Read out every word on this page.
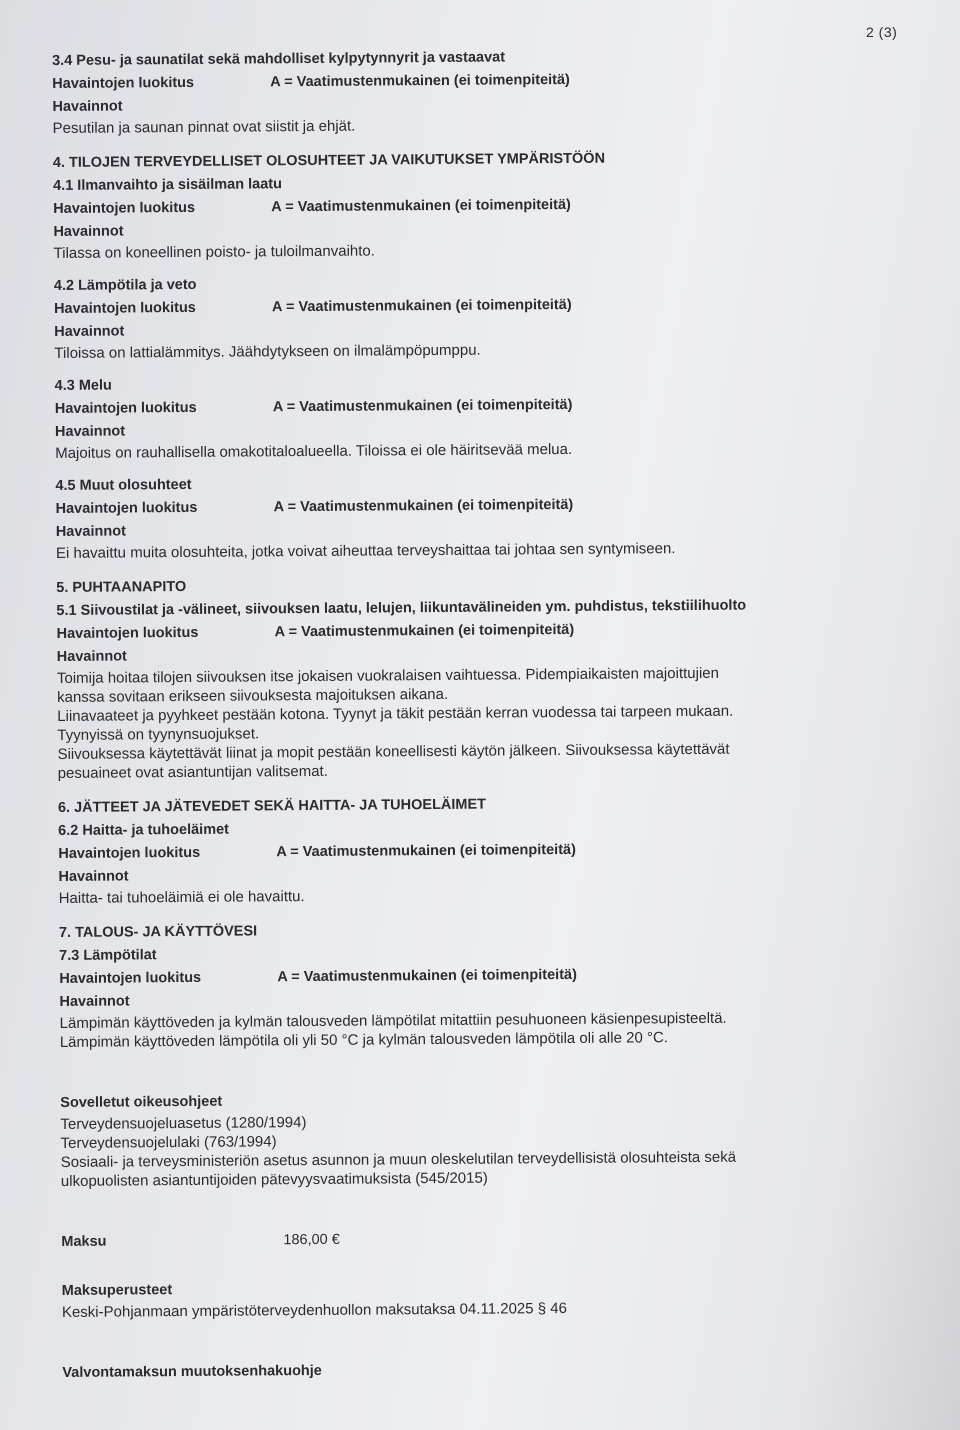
2 (3)
3.4 Pesu- ja saunatilat sekä mahdolliset kylpytynnyrit ja vastaavat
Havaintojen luokitus	A = Vaatimustenmukainen (ei toimenpiteitä)
Havainnot
Pesutilan ja saunan pinnat ovat siistit ja ehjät.
4. TILOJEN TERVEYDELLISET OLOSUHTEET JA VAIKUTUKSET YMPÄRISTÖÖN
4.1 Ilmanvaihto ja sisäilman laatu
Havaintojen luokitus	A = Vaatimustenmukainen (ei toimenpiteitä)
Havainnot
Tilassa on koneellinen poisto- ja tuloilmanvaihto.
4.2 Lämpötila ja veto
Havaintojen luokitus	A = Vaatimustenmukainen (ei toimenpiteitä)
Havainnot
Tiloissa on lattialämmitys. Jäähdytykseen on ilmalämpöpumppu.
4.3 Melu
Havaintojen luokitus	A = Vaatimustenmukainen (ei toimenpiteitä)
Havainnot
Majoitus on rauhallisella omakotitaloalueella. Tiloissa ei ole häiritsevää melua.
4.5 Muut olosuhteet
Havaintojen luokitus	A = Vaatimustenmukainen (ei toimenpiteitä)
Havainnot
Ei havaittu muita olosuhteita, jotka voivat aiheuttaa terveyshaittaa tai johtaa sen syntymiseen.
5. PUHTAANAPITO
5.1 Siivoustilat ja -välineet, siivouksen laatu, lelujen, liikuntavälineiden ym. puhdistus, tekstiilihuolto
Havaintojen luokitus	A = Vaatimustenmukainen (ei toimenpiteitä)
Havainnot
Toimija hoitaa tilojen siivouksen itse jokaisen vuokralaisen vaihtuessa. Pidempiaikaisten majoittujien
kanssa sovitaan erikseen siivouksesta majoituksen aikana.
Liinavaateet ja pyyhkeet pestään kotona. Tyynyt ja täkit pestään kerran vuodessa tai tarpeen mukaan.
Tyynyissä on tyynynsuojukset.
Siivouksessa käytettävät liinat ja mopit pestään koneellisesti käytön jälkeen. Siivouksessa käytettävät
pesuaineet ovat asiantuntijan valitsemat.
6. JÄTTEET JA JÄTEVEDET SEKÄ HAITTA- JA TUHOELÄIMET
6.2 Haitta- ja tuhoeläimet
Havaintojen luokitus	A = Vaatimustenmukainen (ei toimenpiteitä)
Havainnot
Haitta- tai tuhoeläimiä ei ole havaittu.
7. TALOUS- JA KÄYTTÖVESI
7.3 Lämpötilat
Havaintojen luokitus	A = Vaatimustenmukainen (ei toimenpiteitä)
Havainnot
Lämpimän käyttöveden ja kylmän talousveden lämpötilat mitattiin pesuhuoneen käsienpesupisteeltä.
Lämpimän käyttöveden lämpötila oli yli 50 °C ja kylmän talousveden lämpötila oli alle 20 °C.
Sovelletut oikeusohjeet
Terveydensuojeluasetus (1280/1994)
Terveydensuojelulaki (763/1994)
Sosiaali- ja terveysministeriön asetus asunnon ja muun oleskelutilan terveydellisistä olosuhteista sekä
ulkopuolisten asiantuntijoiden pätevyysvaatimuksista (545/2015)
Maksu	186,00 €
Maksuperusteet
Keski-Pohjanmaan ympäristöterveydenhuollon maksutaksa 04.11.2025 § 46
Valvontamaksun muutoksenhakuohje
